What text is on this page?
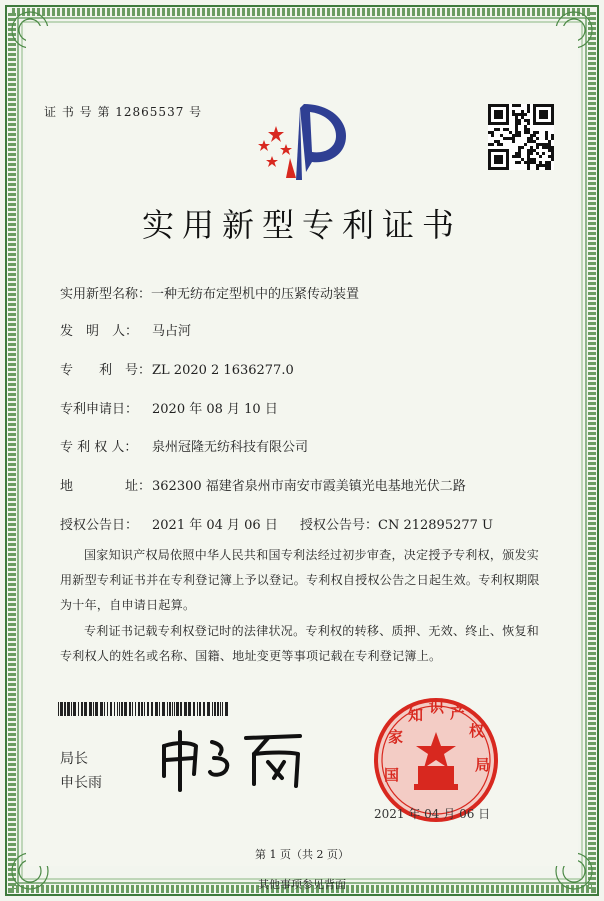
证 书 号 第 12865537 号
实用新型专利证书
实用新型名称：一种无纺布定型机中的压紧传动装置
发　明　人： 马占河
专　　利　号：ZL 2020 2 1636277.0
专利申请日： 2020 年 08 月 10 日
专 利 权 人： 泉州冠隆无纺科技有限公司
地　　　　址：362300 福建省泉州市南安市霞美镇光电基地光伏二路
授权公告日： 2021 年 04 月 06 日 授权公告号：CN 212895277 U
国家知识产权局依照中华人民共和国专利法经过初步审查，决定授予专利权，颁发实用新型专利证书并在专利登记簿上予以登记。专利权自授权公告之日起生效。专利权期限为十年，自申请日起算。
专利证书记载专利权登记时的法律状况。专利权的转移、质押、无效、终止、恢复和专利权人的姓名或名称、国籍、地址变更等事项记载在专利登记簿上。
局长
申长雨	国
家
知 识 产
权
局
2021 年 04 月 06 日
第 1 页（共 2 页）
其他事项参见背面
